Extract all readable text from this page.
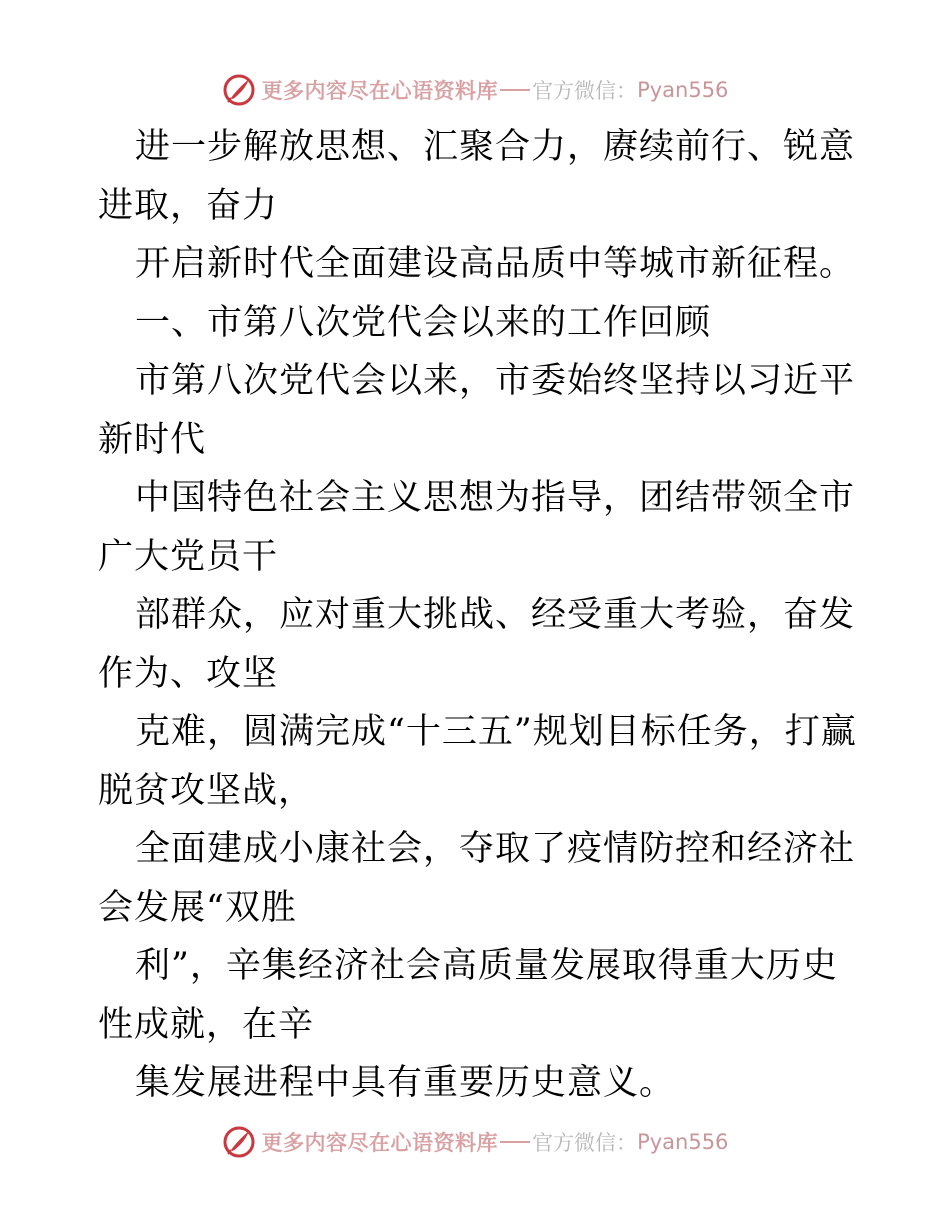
更多内容尽在心语资料库 官方微信： Pyan556

进一步解放思想、汇聚合力，赓续前行、锐意进取，奋力

开启新时代全面建设高品质中等城市新征程。

一、市第八次党代会以来的工作回顾

市第八次党代会以来，市委始终坚持以习近平新时代

中国特色社会主义思想为指导，团结带领全市广大党员干

部群众，应对重大挑战、经受重大考验，奋发作为、攻坚

克难，圆满完成“十三五”规划目标任务，打赢脱贫攻坚战，

全面建成小康社会，夺取了疫情防控和经济社会发展“双胜

利”，辛集经济社会高质量发展取得重大历史性成就，在辛

集发展进程中具有重要历史意义。

更多内容尽在心语资料库 官方微信： Pyan556
